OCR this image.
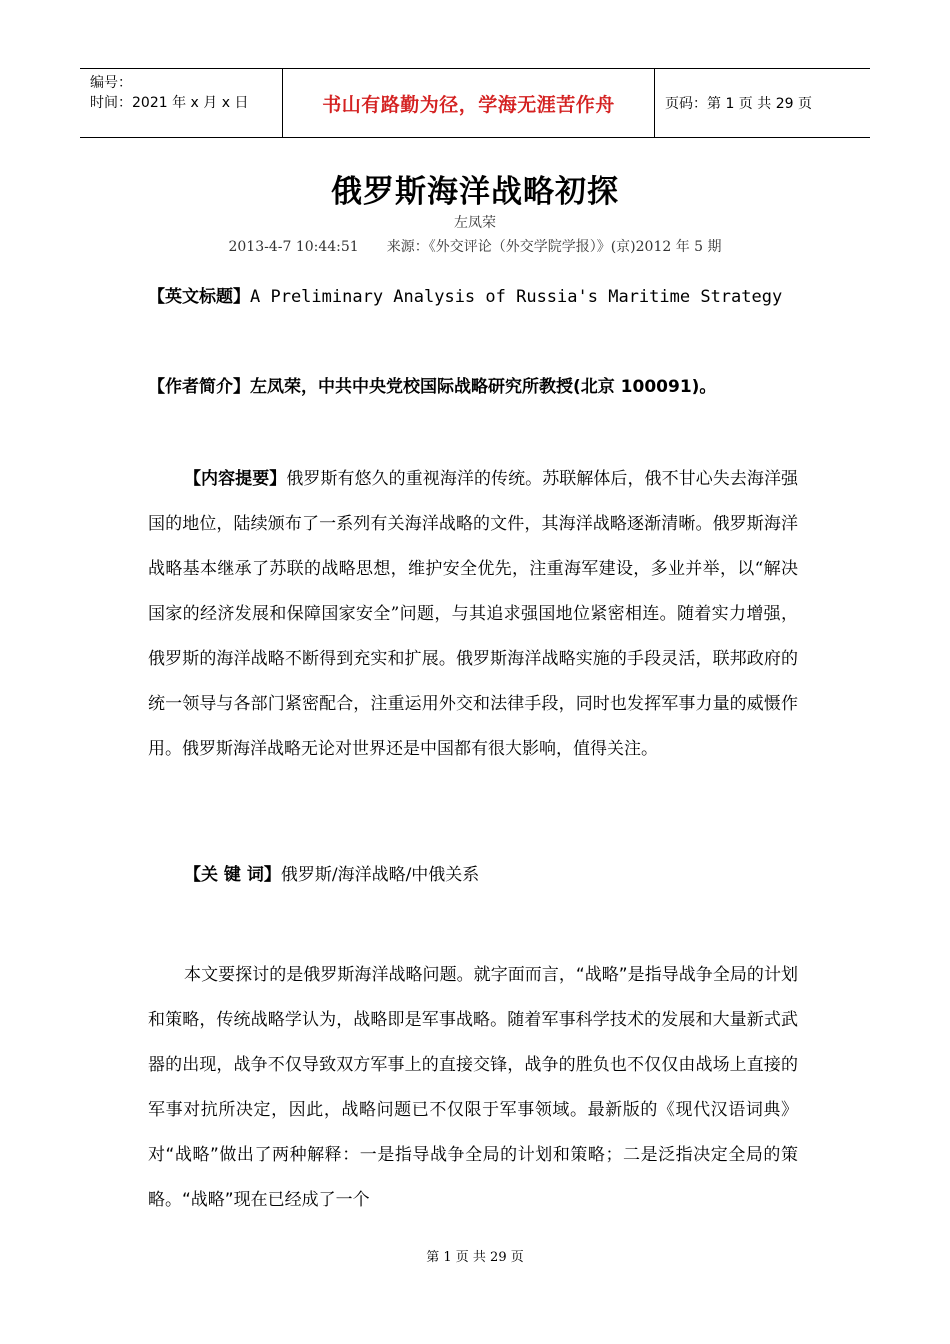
编号：
时间：2021 年 x 月 x 日	书山有路勤为径，学海无涯苦作舟	页码：第 1 页 共 29 页
俄罗斯海洋战略初探
左凤荣
2013-4-7 10:44:51 来源：《外交评论（外交学院学报）》(京)2012 年 5 期
【英文标题】A Preliminary Analysis of Russia's Maritime Strategy
【作者简介】左凤荣，中共中央党校国际战略研究所教授(北京 100091)。
【内容提要】俄罗斯有悠久的重视海洋的传统。苏联解体后，俄不甘心失去海洋强国的地位，陆续颁布了一系列有关海洋战略的文件，其海洋战略逐渐清晰。俄罗斯海洋战略基本继承了苏联的战略思想，维护安全优先，注重海军建设，多业并举，以“解决国家的经济发展和保障国家安全”问题，与其追求强国地位紧密相连。随着实力增强，俄罗斯的海洋战略不断得到充实和扩展。俄罗斯海洋战略实施的手段灵活，联邦政府的统一领导与各部门紧密配合，注重运用外交和法律手段，同时也发挥军事力量的威慑作用。俄罗斯海洋战略无论对世界还是中国都有很大影响，值得关注。
【关 键 词】俄罗斯/海洋战略/中俄关系
本文要探讨的是俄罗斯海洋战略问题。就字面而言，“战略”是指导战争全局的计划和策略，传统战略学认为，战略即是军事战略。随着军事科学技术的发展和大量新式武器的出现，战争不仅导致双方军事上的直接交锋，战争的胜负也不仅仅由战场上直接的军事对抗所决定，因此，战略问题已不仅限于军事领域。最新版的《现代汉语词典》对“战略”做出了两种解释：一是指导战争全局的计划和策略；二是泛指决定全局的策略。“战略”现在已经成了一个
第 1 页 共 29 页
